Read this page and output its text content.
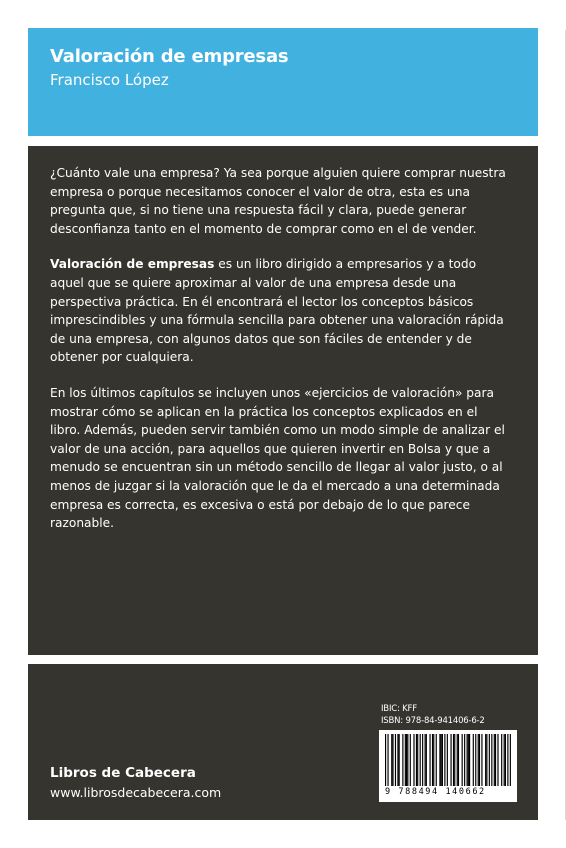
Valoración de empresas
Francisco López

¿Cuánto vale una empresa? Ya sea porque alguien quiere comprar nuestra empresa o porque necesitamos conocer el valor de otra, esta es una pregunta que, si no tiene una respuesta fácil y clara, puede generar desconfianza tanto en el momento de comprar como en el de vender.

Valoración de empresas es un libro dirigido a empresarios y a todo aquel que se quiere aproximar al valor de una empresa desde una perspectiva práctica. En él encontrará el lector los conceptos básicos imprescindibles y una fórmula sencilla para obtener una valoración rápida de una empresa, con algunos datos que son fáciles de entender y de obtener por cualquiera.

En los últimos capítulos se incluyen unos «ejercicios de valoración» para mostrar cómo se aplican en la práctica los conceptos explicados en el libro. Además, pueden servir también como un modo simple de analizar el valor de una acción, para aquellos que quieren invertir en Bolsa y que a menudo se encuentran sin un método sencillo de llegar al valor justo, o al menos de juzgar si la valoración que le da el mercado a una determinada empresa es correcta, es excesiva o está por debajo de lo que parece razonable.

IBIC: KFF
ISBN: 978-84-941406-6-2
9 788494 140662
Libros de Cabecera
www.librosdecabecera.com
